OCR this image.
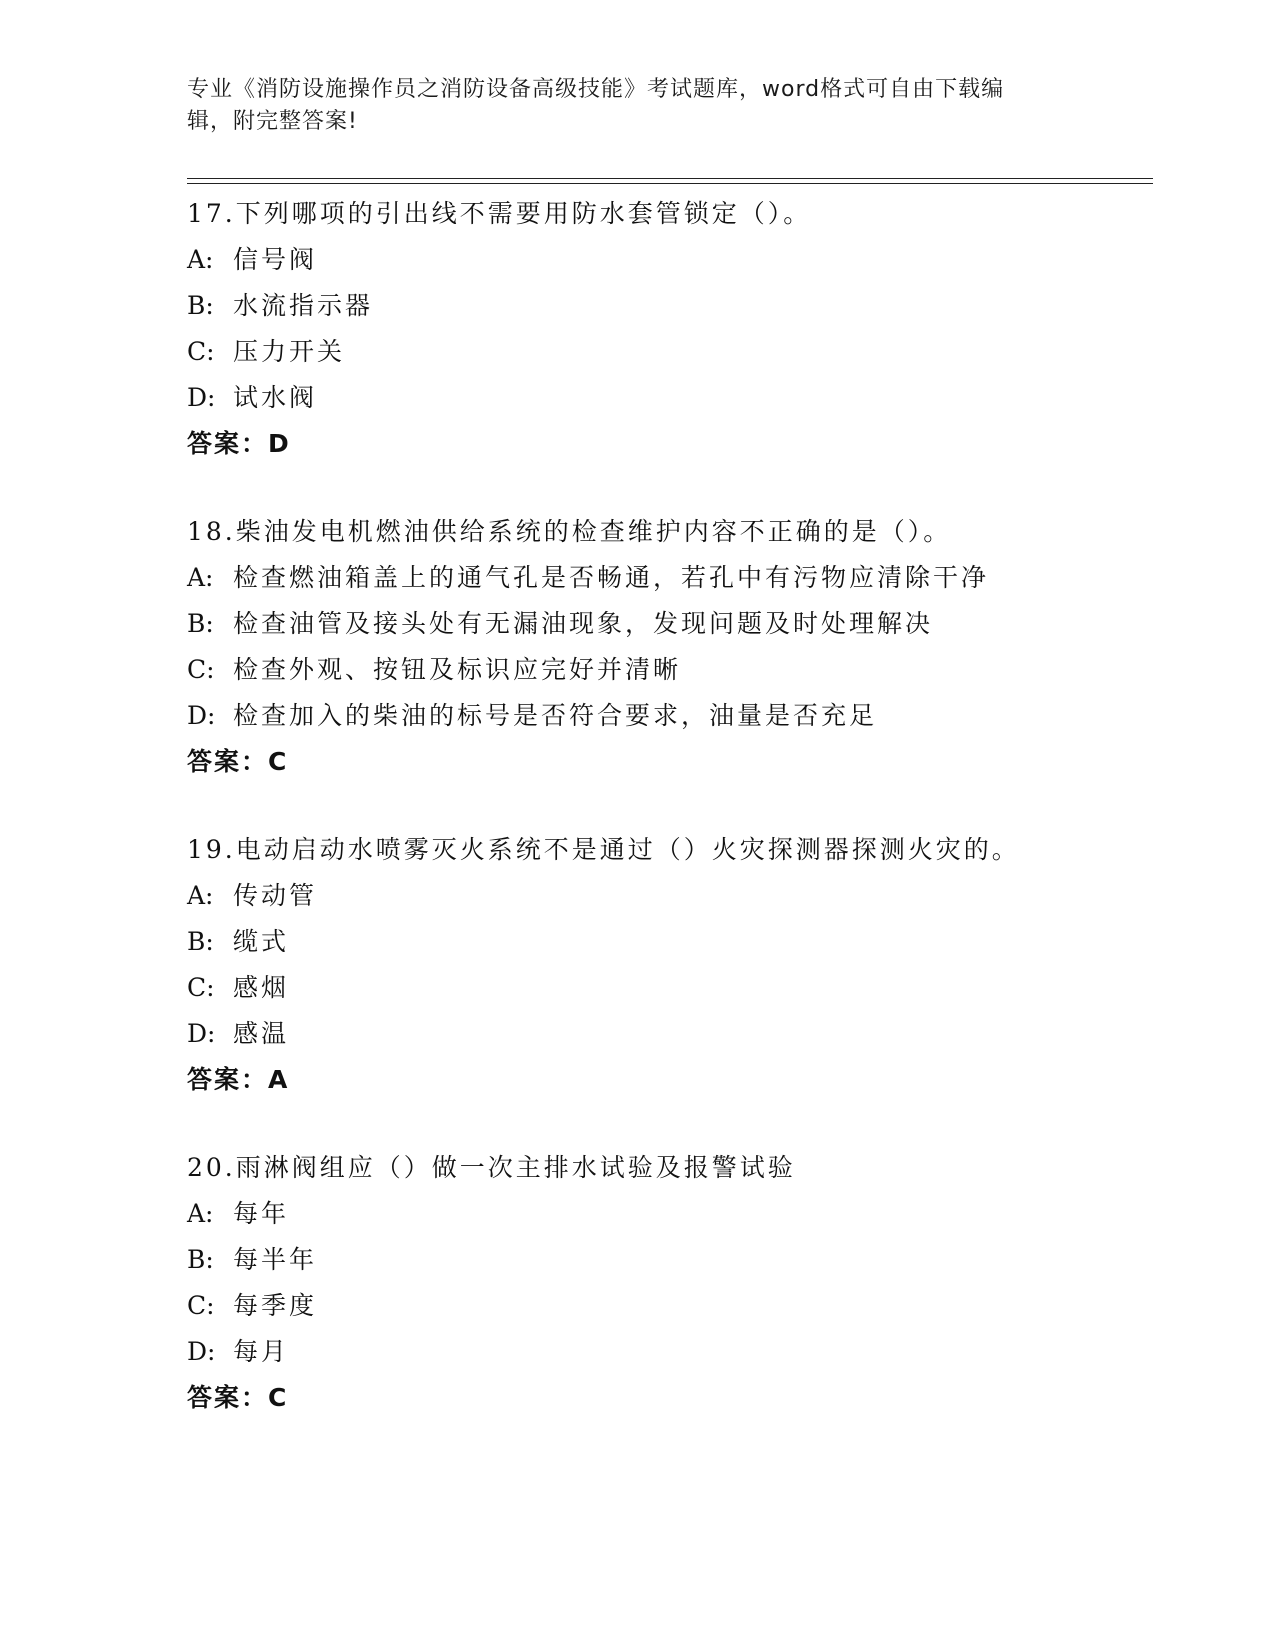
专业《消防设施操作员之消防设备高级技能》考试题库，word格式可自由下载编
辑，附完整答案!
17.下列哪项的引出线不需要用防水套管锁定（）。
A: 信号阀
B: 水流指示器
C: 压力开关
D: 试水阀
答案：D
18.柴油发电机燃油供给系统的检查维护内容不正确的是（）。
A: 检查燃油箱盖上的通气孔是否畅通，若孔中有污物应清除干净
B: 检查油管及接头处有无漏油现象，发现问题及时处理解决
C: 检查外观、按钮及标识应完好并清晰
D: 检查加入的柴油的标号是否符合要求，油量是否充足
答案：C
19.电动启动水喷雾灭火系统不是通过（）火灾探测器探测火灾的。
A: 传动管
B: 缆式
C: 感烟
D: 感温
答案：A
20.雨淋阀组应（）做一次主排水试验及报警试验
A: 每年
B: 每半年
C: 每季度
D: 每月
答案：C
